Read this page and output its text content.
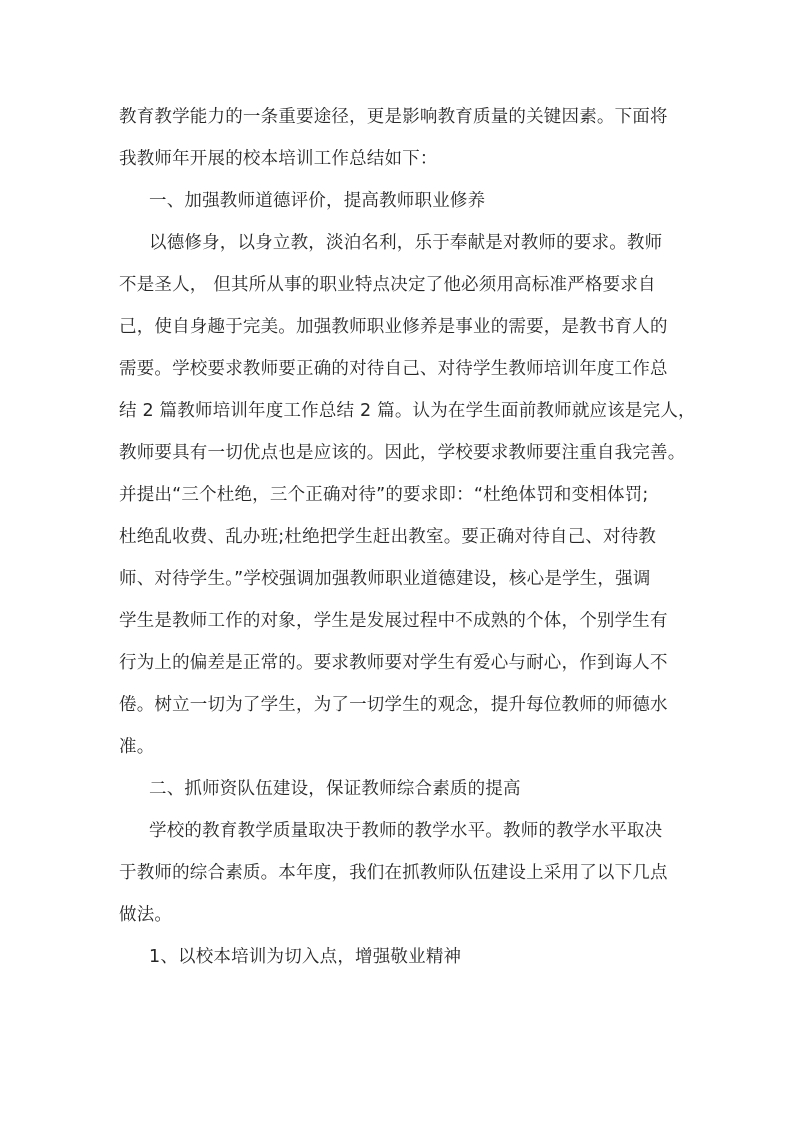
教育教学能力的一条重要途径，更是影响教育质量的关键因素。下面将
我教师年开展的校本培训工作总结如下：
一、加强教师道德评价，提高教师职业修养
以德修身，以身立教，淡泊名利，乐于奉献是对教师的要求。教师
不是圣人， 但其所从事的职业特点决定了他必须用高标准严格要求自
己，使自身趣于完美。加强教师职业修养是事业的需要，是教书育人的
需要。学校要求教师要正确的对待自己、对待学生教师培训年度工作总
结 2 篇教师培训年度工作总结 2 篇。认为在学生面前教师就应该是完人，
教师要具有一切优点也是应该的。因此，学校要求教师要注重自我完善。
并提出“三个杜绝，三个正确对待”的要求即：“杜绝体罚和变相体罚;
杜绝乱收费、乱办班;杜绝把学生赶出教室。要正确对待自己、对待教
师、对待学生。”学校强调加强教师职业道德建设，核心是学生，强调
学生是教师工作的对象，学生是发展过程中不成熟的个体，个别学生有
行为上的偏差是正常的。要求教师要对学生有爱心与耐心，作到诲人不
倦。树立一切为了学生，为了一切学生的观念，提升每位教师的师德水
准。
二、抓师资队伍建设，保证教师综合素质的提高
学校的教育教学质量取决于教师的教学水平。教师的教学水平取决
于教师的综合素质。本年度，我们在抓教师队伍建设上采用了以下几点
做法。
1、以校本培训为切入点，增强敬业精神
